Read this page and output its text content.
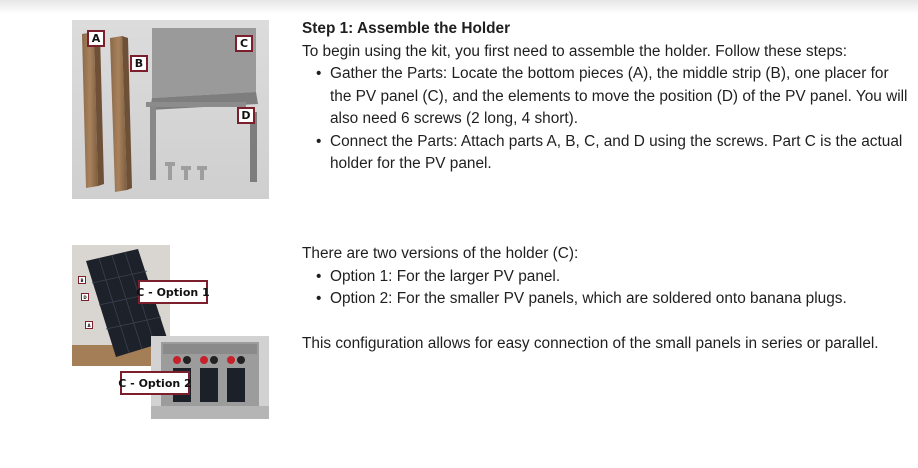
A
B
C
D
B
D
A
C - Option 1
C - Option 2

Step 1: Assemble the Holder

To begin using the kit, you first need to assemble the holder. Follow these steps:

• Gather the Parts: Locate the bottom pieces (A), the middle strip (B), one placer for the PV panel (C), and the elements to move the position (D) of the PV panel. You will also need 6 screws (2 long, 4 short).
• Connect the Parts: Attach parts A, B, C, and D using the screws. Part C is the actual holder for the PV panel.

There are two versions of the holder (C):

• Option 1: For the larger PV panel.
• Option 2: For the smaller PV panels, which are soldered onto banana plugs.

This configuration allows for easy connection of the small panels in series or parallel.
